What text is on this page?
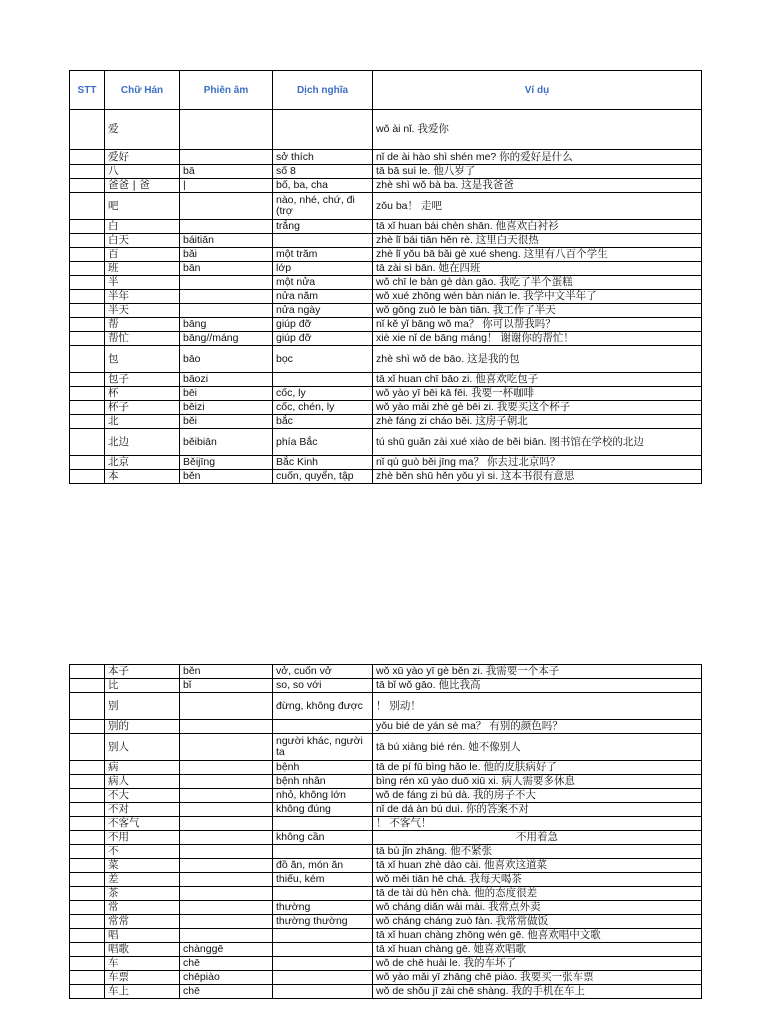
STT	Chữ Hán	Phiên âm	Dịch nghĩa	Ví dụ
	爱			wǒ ài nǐ. 我爱你
	爱好		sở thích	nǐ de ài hào shì shén me? 你的爱好是什么
	八	bā	số 8	tā bā suì le. 他八岁了
	爸爸 | 爸	|	bố, ba, cha	zhè shì wǒ bà ba. 这是我爸爸
	吧		nào, nhé, chứ, đi (trợ	zǒu ba！ 走吧
	白		trắng	tā xǐ huan bái chèn shān. 他喜欢白衬衫
	白天	báitiān		zhè lǐ bái tiān hěn rè. 这里白天很热
	百	bǎi	một trăm	zhè lǐ yǒu bā bǎi gè xué sheng. 这里有八百个学生
	班	bān	lớp	tā zài sì bān. 她在四班
	半		một nửa	wǒ chī le bàn gè dàn gāo. 我吃了半个蛋糕
	半年		nửa năm	wǒ xué zhōng wén bàn nián le. 我学中文半年了
	半天		nửa ngày	wǒ gōng zuò le bàn tiān. 我工作了半天
	帮	bāng	giúp đỡ	nǐ kě yǐ bāng wǒ ma？ 你可以帮我吗？
	帮忙	bāng//máng	giúp đỡ	xiè xie nǐ de bāng máng！ 谢谢你的帮忙！
	包	bāo	bọc	zhè shì wǒ de bāo. 这是我的包
	包子	bāozi		tā xǐ huan chī bāo zi. 他喜欢吃包子
	杯	bēi	cốc, ly	wǒ yào yī bēi kā fēi. 我要一杯咖啡
	杯子	bēizi	cốc, chén, ly	wǒ yào mǎi zhè gè bēi zi. 我要买这个杯子
	北	běi	bắc	zhè fáng zi cháo běi. 这房子朝北
	北边	běibiān	phía Bắc	tú shū guǎn zài xué xiào de běi biān. 图书馆在学校的北边
	北京	Běijīng	Bắc Kinh	nǐ qù guò běi jīng ma？ 你去过北京吗？
	本	běn	cuốn, quyển, tập	zhè běn shū hěn yǒu yì si. 这本书很有意思
	本子	běn	vở, cuốn vở	wǒ xū yào yī gè běn zi. 我需要一个本子
	比	bǐ	so, so với	tā bǐ wǒ gāo. 他比我高
	别		đừng, không được	！ 别动！
	别的			yǒu bié de yán sè ma？ 有别的颜色吗？
	别人		người khác, người ta	tā bú xiàng bié rén. 她不像别人
	病		bệnh	tā de pí fū bìng hǎo le. 他的皮肤病好了
	病人		bệnh nhân	bìng rén xū yào duō xiū xi. 病人需要多休息
	不大		nhỏ, không lớn	wǒ de fáng zi bú dà. 我的房子不大
	不对		không đúng	nǐ de dá àn bú duì. 你的答案不对
	不客气			！ 不客气！
	不用		không cần	不用着急
	不			tā bù jǐn zhāng. 他不紧张
	菜		đồ ăn, món ăn	tā xǐ huan zhè dào cài. 他喜欢这道菜
	差		thiếu, kém	wǒ měi tiān hē chá. 我每天喝茶
	茶			tā de tài dù hěn chà. 他的态度很差
	常		thường	wǒ cháng diǎn wài mài. 我常点外卖
	常常		thường thường	wǒ cháng cháng zuò fàn. 我常常做饭
	唱			tā xǐ huan chàng zhōng wén gē. 他喜欢唱中文歌
	唱歌	chànggē		tā xǐ huan chàng gē. 她喜欢唱歌
	车	chē		wǒ de chē huài le. 我的车坏了
	车票	chēpiào		wǒ yào mǎi yī zhāng chē piào. 我要买一张车票
	车上	chē		wǒ de shǒu jī zài chē shàng. 我的手机在车上
